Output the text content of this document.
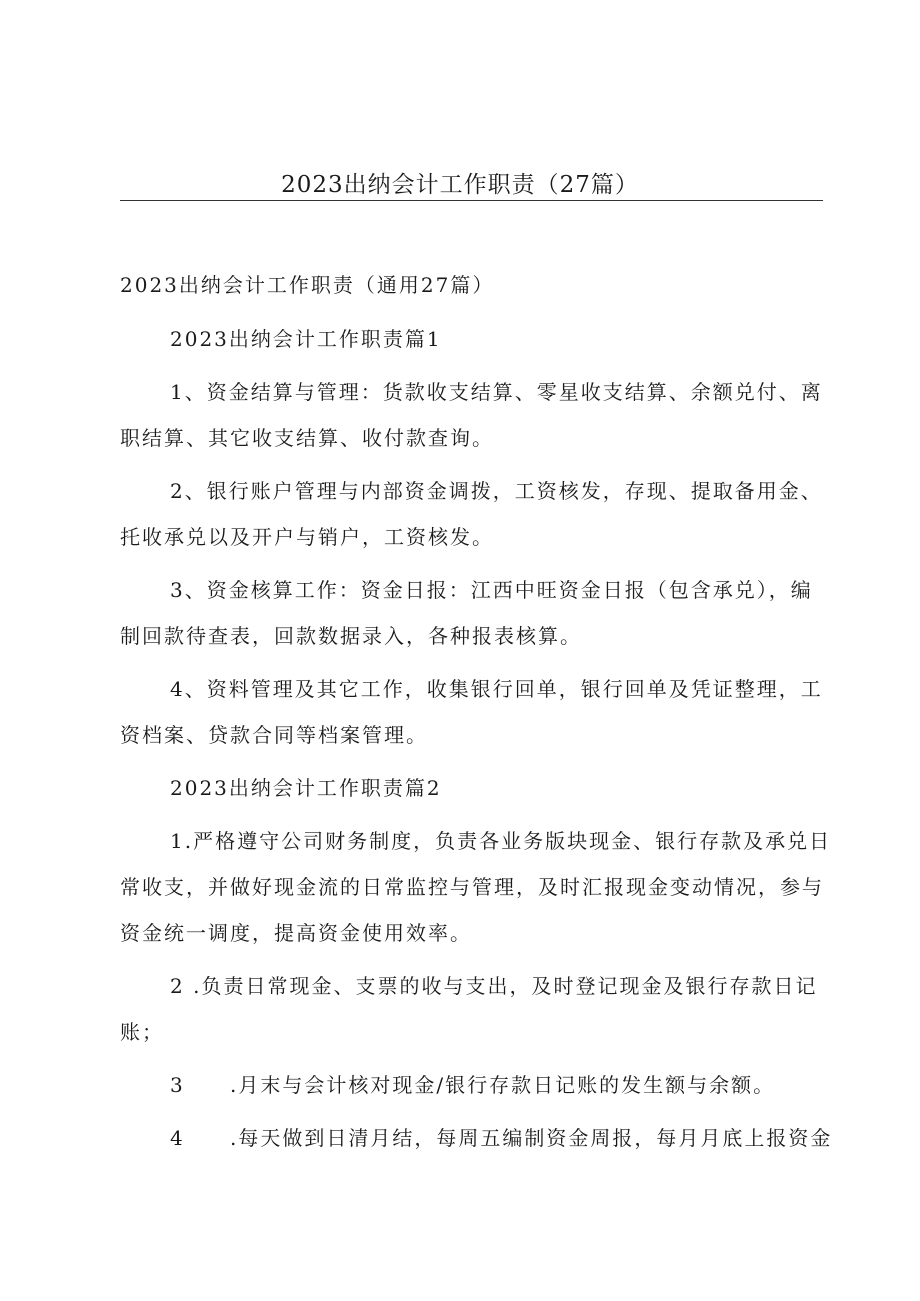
2023出纳会计工作职责（27篇）

2023出纳会计工作职责（通用27篇）

2023出纳会计工作职责篇1

1、资金结算与管理：货款收支结算、零星收支结算、余额兑付、离

职结算、其它收支结算、收付款查询。

2、银行账户管理与内部资金调拨，工资核发，存现、提取备用金、

托收承兑以及开户与销户，工资核发。

3、资金核算工作：资金日报：江西中旺资金日报（包含承兑），编

制回款待查表，回款数据录入，各种报表核算。

4、资料管理及其它工作，收集银行回单，银行回单及凭证整理，工

资档案、贷款合同等档案管理。

2023出纳会计工作职责篇2

1.严格遵守公司财务制度，负责各业务版块现金、银行存款及承兑日

常收支，并做好现金流的日常监控与管理，及时汇报现金变动情况，参与

资金统一调度，提高资金使用效率。

2 .负责日常现金、支票的收与支出，及时登记现金及银行存款日记

账；

3 .月末与会计核对现金/银行存款日记账的发生额与余额。

4 .每天做到日清月结，每周五编制资金周报，每月月底上报资金
